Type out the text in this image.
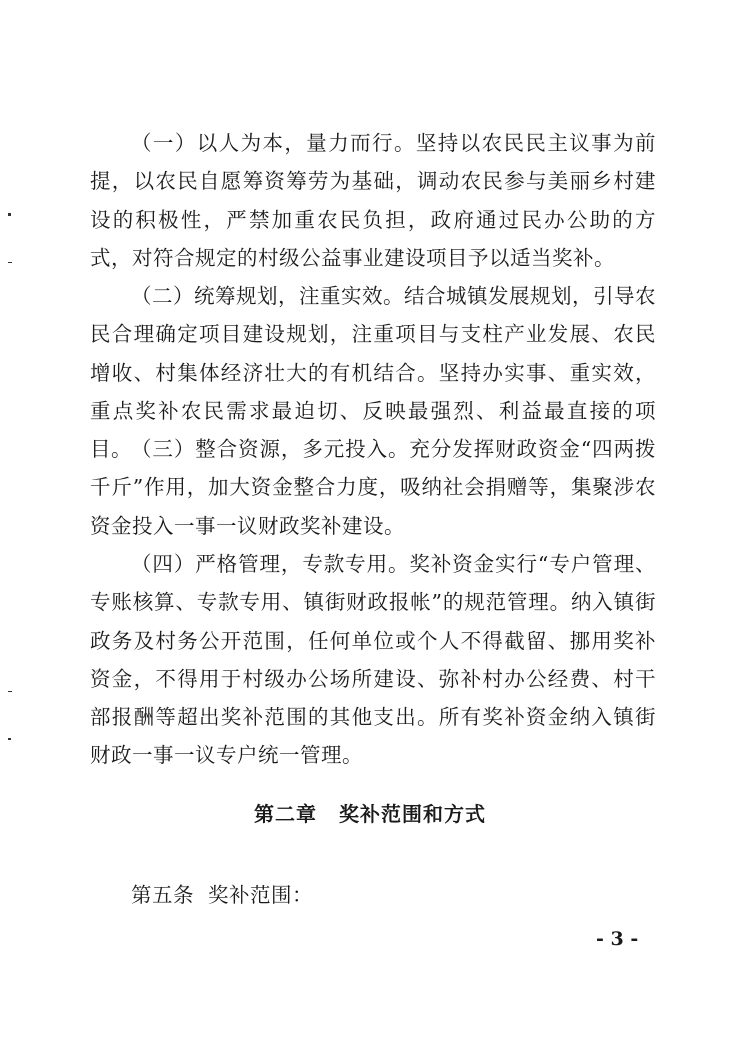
（一）以人为本，量力而行。坚持以农民民主议事为前提，以农民自愿筹资筹劳为基础，调动农民参与美丽乡村建设的积极性，严禁加重农民负担，政府通过民办公助的方式，对符合规定的村级公益事业建设项目予以适当奖补。

（二）统筹规划，注重实效。结合城镇发展规划，引导农民合理确定项目建设规划，注重项目与支柱产业发展、农民增收、村集体经济壮大的有机结合。坚持办实事、重实效，重点奖补农民需求最迫切、反映最强烈、利益最直接的项目。 （三）整合资源，多元投入。充分发挥财政资金“四两拨千斤”作用，加大资金整合力度，吸纳社会捐赠等，集聚涉农资金投入一事一议财政奖补建设。

（四）严格管理，专款专用。奖补资金实行“专户管理、专账核算、专款专用、镇街财政报帐”的规范管理。纳入镇街政务及村务公开范围，任何单位或个人不得截留、挪用奖补资金，不得用于村级办公场所建设、弥补村办公经费、村干部报酬等超出奖补范围的其他支出。所有奖补资金纳入镇街财政一事一议专户统一管理。

第二章 奖补范围和方式

第五条 奖补范围：

- 3 -
